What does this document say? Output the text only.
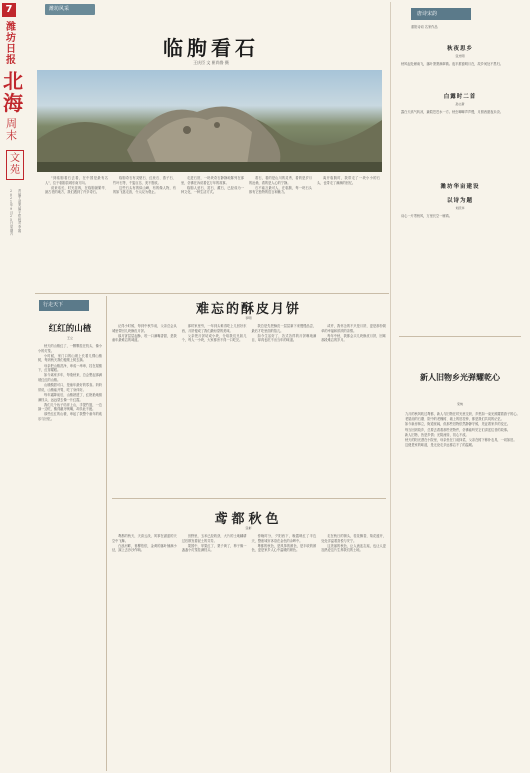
7
潍坊日报
北海
周末
文苑
2021年9月25日 星期六
责编 王萍 美编 王佳 校对 李娟
潍坊风采
临朐看石
王庆臣 文 崔尚鲁 摄

"到临朐看石去看，在中国是最有名人"，位于临朐县城东南方向。

说来话长，时光荏苒，在临朐最繁华、最古老的地方，我们遇到了许多奇石。

临朐奇石有灵壁石、红丝石、燕子石、竹叶石等，千姿百态，美不胜收。

这些石头有的似山峰，有的像人物，有的如飞禽走兽，令人叹为观止。

走进石馆，一块块奇石静静地陈列在那里，仿佛在诉说着亿万年的故事。

临朐人爱石、赏石、藏石，已经成为一种文化，一种生活方式。

看石，看的是山川的灵秀，看的是岁月的沧桑，看的是人心的宁静。

石不能言最可人，在临朐，每一块石头都有它独特的语言和魅力。

离开临朐时，我带走了一块小小的石头，也带走了满满的回忆。

唐诗宋韵
重阳诗词 名家作品
秋夜思乡
张光明
秋风起处雁南飞，落叶萧萧满翠微。夜半推窗明月在，故乡何处不思归。
白露时二首
孙立新
露白天高气转凉，蒹葭苍苍水一方。秋虫唧唧声声慢，月照西窗夜未央。
潍坊华亩建设
以诗为题
刘庆华
诗心一片寄秋风，万里长空一雁鸿。
新人旧物乡光弹耀乾心
宋纯

九月的秋风吹过鸢都，新人与旧物在时光里交织，乡愁如一束光照耀着游子的心。

老屋前的石磨、院中的老槐树、墙上的旧挂钟，都是我们共同的记忆。

如今新房林立，街道宽阔，但那些旧物依然静静守候，见证着家乡的变迁。

每当回到故乡，总要去看看那些老物件，仿佛能听见它们讲述往昔的故事。

新人旧物，皆是乡情；光阴流转，初心不改。

秋天的阳光洒在小院里，母亲坐在门前择菜，父亲在树下修补农具，一切如旧。

这便是家的味道，是无论走多远都忘不了的温暖。

行走天下
红红的山楂
王立

秋天的山楂红了，一颗颗挂在枝头，像小小的灯笼。

小时候，家门口的山坡上长着几棵山楂树，每到秋天我们便爬上树去摘。

母亲把山楂洗净，串成一串串，挂在屋檐下，红得耀眼。

如今离家多年，每逢秋来，总会想起那满坡红红的山楂。

山楂酸甜可口，是童年最好的零食。奶奶常说，山楂能开胃，吃了身体好。

每年霜降前后，山楂熟透了，红艳艳地缀满枝头，远远望去像一片红霞。

我们几个孩子结伴上山，手提竹篮，一边摘一边吃，酸得龇牙咧嘴，却乐此不疲。

那些红红的山楂，串起了我整个童年的欢乐与回忆。

难忘的酥皮月饼
李明

记得小时候，每到中秋节前，父亲总会从城里带回几块酥皮月饼。

那月饼层层起酥，咬一口满嘴香甜，是我童年最难忘的味道。

那时家里穷，一年到头难得吃上几回好东西，月饼便成了我们最盼望的美味。

父亲把月饼切成小块，分给我们兄妹几个，每人一小块，大家都舍不得一口吃完。

我总是先把酥皮一层层剥下来慢慢品尝，最后才吃里面的馅儿。

如今生活好了，各式各样的月饼琳琅满目，却再也吃不出当年的味道。

或许，我怀念的不只是月饼，更是那份简单的幸福和浓浓的亲情。

每年中秋，我都会买几块酥皮月饼，回味那段难忘的岁月。

鸢都秋色
张彬

鸢都的秋天，天高云淡，风筝在湛蓝的天空中飞舞。

白浪河畔，垂柳依依，金黄的落叶铺满小径，踩上去沙沙作响。

田野里，玉米已经收获，大片的土地翻耕过后散发着泥土的芬芳。

果园中，苹果红了，梨子黄了，柿子像一盏盏小灯笼挂满枝头。

傍晚时分，夕阳西下，晚霞映红了半边天，整座城市沐浴在金色的余晖中。

鸢都的秋色，是风筝的颜色，是丰收的颜色，更是家乡人心中温暖的颜色。

走在秋日的街头，桂花飘香，菊花盛开，处处洋溢着喜悦与安宁。

这美丽的秋色，让人流连忘返，也让人更加热爱这片生养我们的土地。
